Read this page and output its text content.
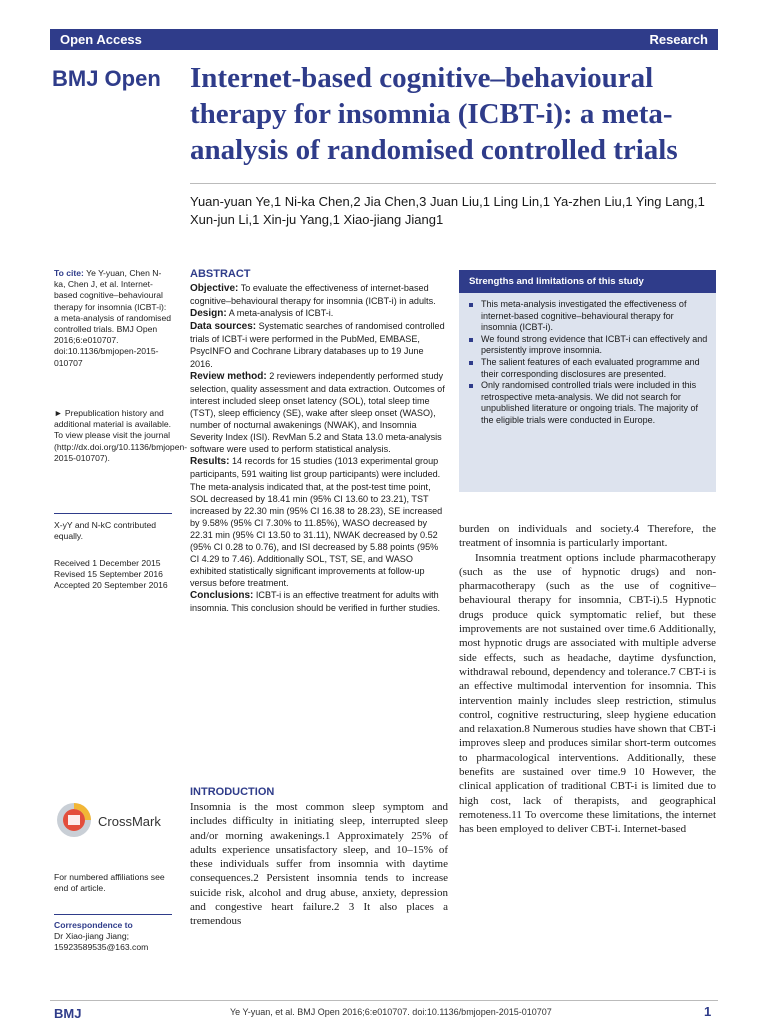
Open Access	Research
BMJ Open Internet-based cognitive–behavioural therapy for insomnia (ICBT-i): a meta-analysis of randomised controlled trials
Yuan-yuan Ye,1 Ni-ka Chen,2 Jia Chen,3 Juan Liu,1 Ling Lin,1 Ya-zhen Liu,1 Ying Lang,1 Xun-jun Li,1 Xin-ju Yang,1 Xiao-jiang Jiang1
To cite: Ye Y-yuan, Chen N-ka, Chen J, et al. Internet-based cognitive–behavioural therapy for insomnia (ICBT-i): a meta-analysis of randomised controlled trials. BMJ Open 2016;6:e010707. doi:10.1136/bmjopen-2015-010707
► Prepublication history and additional material is available. To view please visit the journal (http://dx.doi.org/10.1136/bmjopen-2015-010707).
X-yY and N-kC contributed equally.
Received 1 December 2015
Revised 15 September 2016
Accepted 20 September 2016
CrossMark
For numbered affiliations see end of article.
Correspondence to
Dr Xiao-jiang Jiang;
15923589535@163.com
ABSTRACT

Objective: To evaluate the effectiveness of internet-based cognitive–behavioural therapy for insomnia (ICBT-i) in adults.

Design: A meta-analysis of ICBT-i.

Data sources: Systematic searches of randomised controlled trials of ICBT-i were performed in the PubMed, EMBASE, PsycINFO and Cochrane Library databases up to 19 June 2016.

Review method: 2 reviewers independently performed study selection, quality assessment and data extraction. Outcomes of interest included sleep onset latency (SOL), total sleep time (TST), sleep efficiency (SE), wake after sleep onset (WASO), number of nocturnal awakenings (NWAK), and Insomnia Severity Index (ISI). RevMan 5.2 and Stata 13.0 meta-analysis software were used to perform statistical analysis.

Results: 14 records for 15 studies (1013 experimental group participants, 591 waiting list group participants) were included. The meta-analysis indicated that, at the post-test time point, SOL decreased by 18.41 min (95% CI 13.60 to 23.21), TST increased by 22.30 min (95% CI 16.38 to 28.23), SE increased by 9.58% (95% CI 7.30% to 11.85%), WASO decreased by 22.31 min (95% CI 13.50 to 31.11), NWAK decreased by 0.52 (95% CI 0.28 to 0.76), and ISI decreased by 5.88 points (95% CI 4.29 to 7.46). Additionally SOL, TST, SE, and WASO exhibited statistically significant improvements at follow-up versus before treatment.

Conclusions: ICBT-i is an effective treatment for adults with insomnia. This conclusion should be verified in further studies.

Strengths and limitations of this study
This meta-analysis investigated the effectiveness of internet-based cognitive–behavioural therapy for insomnia (ICBT-i).
We found strong evidence that ICBT-i can effectively and persistently improve insomnia.
The salient features of each evaluated programme and their corresponding disclosures are presented.
Only randomised controlled trials were included in this retrospective meta-analysis. We did not search for unpublished literature or ongoing trials. The majority of the eligible trials were conducted in Europe.
INTRODUCTION

Insomnia is the most common sleep symptom and includes difficulty in initiating sleep, interrupted sleep and/or morning awakenings.1 Approximately 25% of adults experience unsatisfactory sleep, and 10–15% of these individuals suffer from insomnia with daytime consequences.2 Persistent insomnia tends to increase suicide risk, alcohol and drug abuse, anxiety, depression and congestive heart failure.2 3 It also places a tremendous

burden on individuals and society.4 Therefore, the treatment of insomnia is particularly important.

Insomnia treatment options include pharmacotherapy (such as the use of hypnotic drugs) and non-pharmacotherapy (such as the use of cognitive–behavioural therapy for insomnia, CBT-i).5 Hypnotic drugs produce quick symptomatic relief, but these improvements are not sustained over time.6 Additionally, most hypnotic drugs are associated with multiple adverse side effects, such as headache, daytime dysfunction, withdrawal rebound, dependency and tolerance.7 CBT-i is an effective multimodal intervention for insomnia. This intervention mainly includes sleep restriction, stimulus control, cognitive restructuring, sleep hygiene education and relaxation.8 Numerous studies have shown that CBT-i improves sleep and produces similar short-term outcomes to pharmacological interventions. Additionally, these benefits are sustained over time.9 10 However, the clinical application of traditional CBT-i is limited due to high cost, lack of therapists, and geographical remoteness.11 To overcome these limitations, the internet has been employed to deliver CBT-i. Internet-based

BMJ	Ye Y-yuan, et al. BMJ Open 2016;6:e010707. doi:10.1136/bmjopen-2015-010707	1
